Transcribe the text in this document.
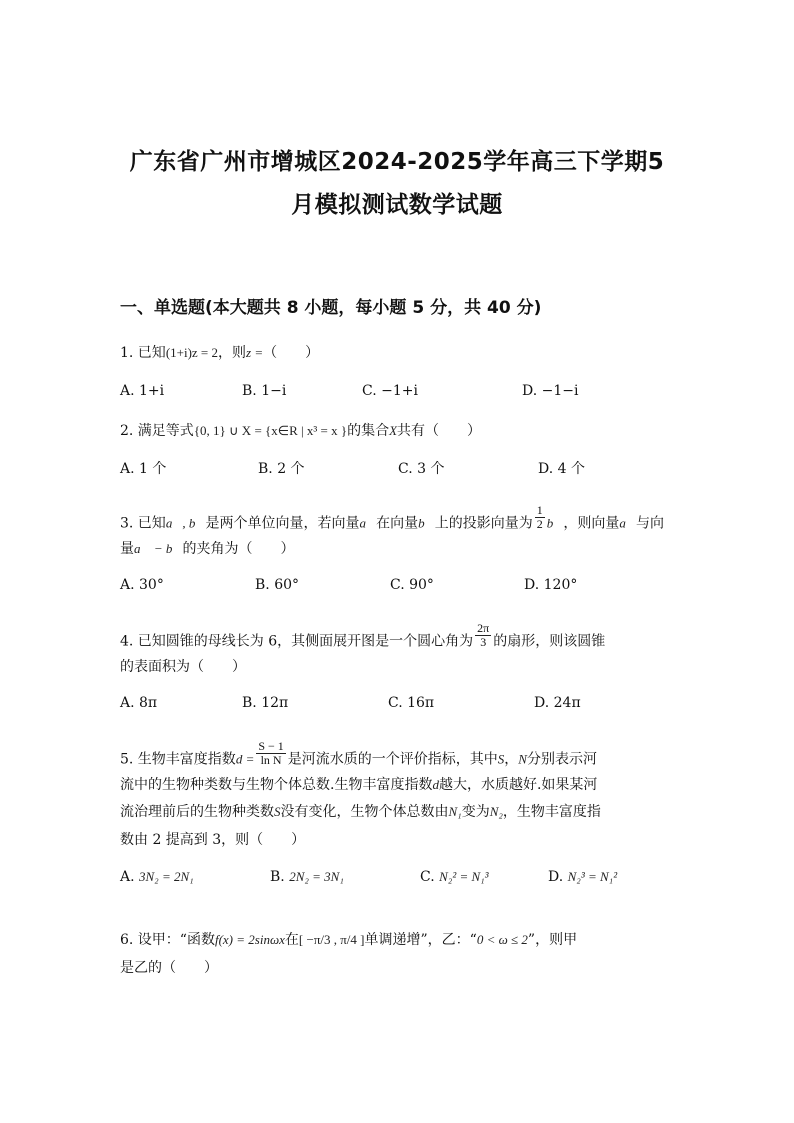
广东省广州市增城区2024-2025学年高三下学期5
月模拟测试数学试题
一、单选题(本大题共 8 小题，每小题 5 分，共 40 分)
1. 已知(1+i)z = 2，则z =（　　）
A. 1+i	B. 1−i	C. −1+i	D. −1−i
2. 满足等式{0, 1} ∪ X = {x∈R | x³ = x }的集合X共有（　　）
A. 1 个	B. 2 个	C. 3 个	D. 4 个
3. 已知a⃗, b⃗是两个单位向量，若向量a⃗在向量b⃗上的投影向量为 $\frac{1}{2}$ b⃗，则向量a⃗与向
量a⃗ − b⃗的夹角为（　　）
A. 30°	B. 60°	C. 90°	D. 120°
4. 已知圆锥的母线长为 6，其侧面展开图是一个圆心角为 $\frac{2\pi}{3}$ 的扇形，则该圆锥
的表面积为（　　）
A. 8π	B. 12π	C. 16π	D. 24π
5. 生物丰富度指数$d = \frac{S - 1}{\text{ln N}}$ 是河流水质的一个评价指标，其中S，N分别表示河
流中的生物种类数与生物个体总数.生物丰富度指数d越大，水质越好.如果某河
流治理前后的生物种类数S没有变化，生物个体总数由N₁变为N₂，生物丰富度指
数由 2 提高到 3，则（　　）
A. 3N₂ = 2N₁	B. 2N₂ = 3N₁	C. N₂² = N₁³	D. N₂³ = N₁²
6. 设甲：“函数f(x) = 2sinωx在[ −π/3 , π/4 ]单调递增”，乙：“0 < ω ≤ 2”，则甲
是乙的（　　）
